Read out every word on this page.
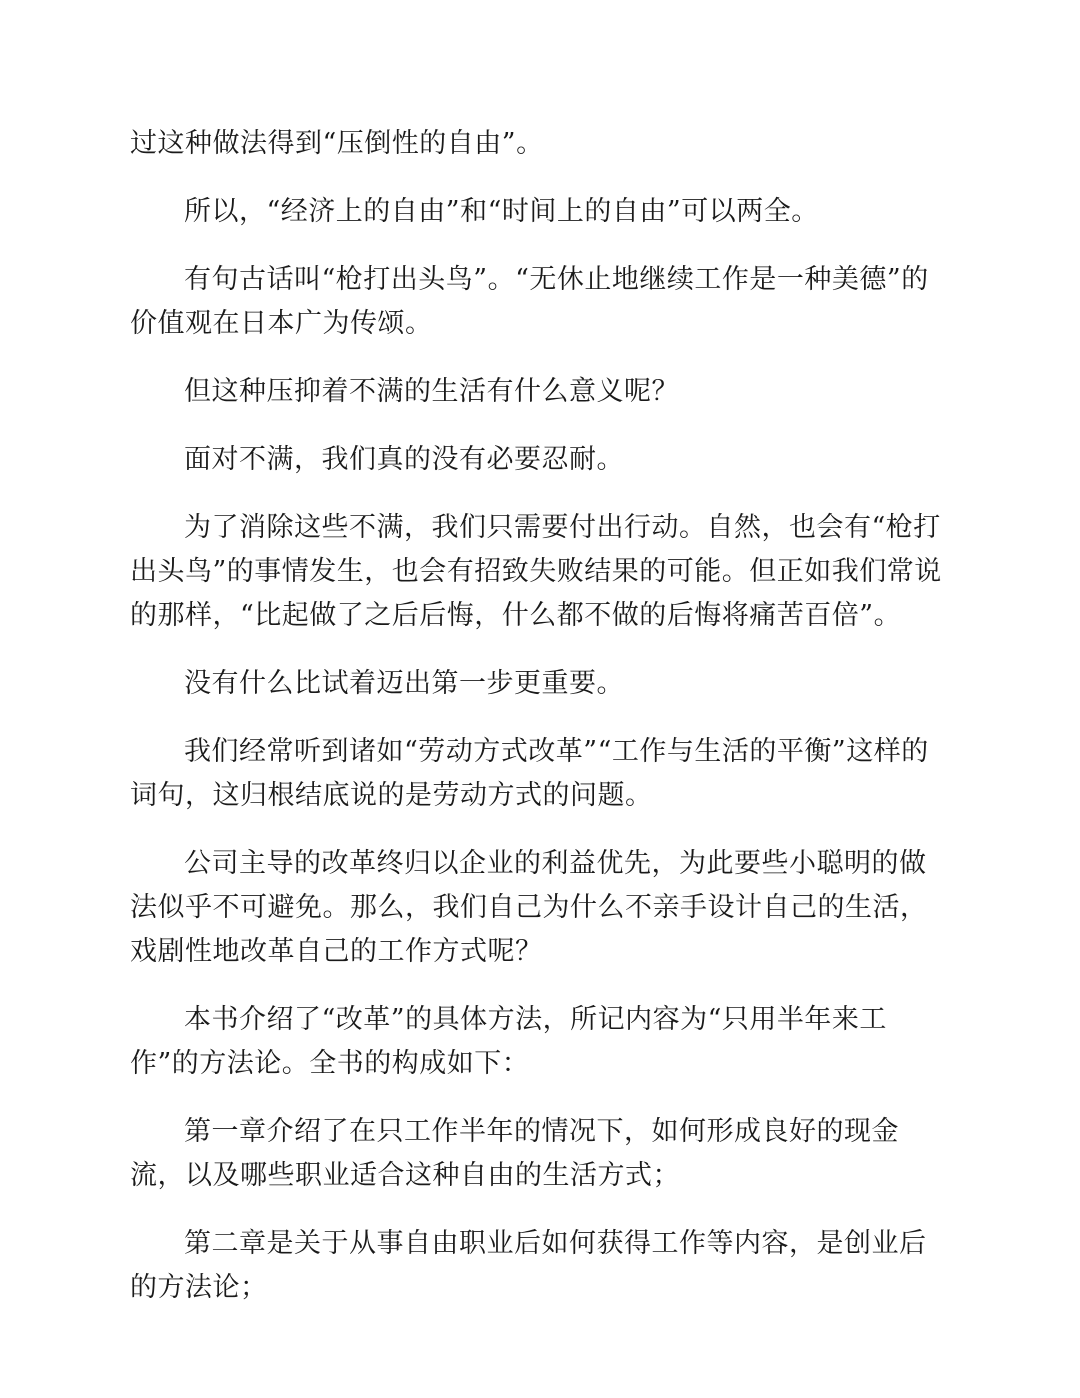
过这种做法得到“压倒性的自由”。

所以，“经济上的自由”和“时间上的自由”可以两全。

有句古话叫“枪打出头鸟”。“无休止地继续工作是一种美德”的价值观在日本广为传颂。

但这种压抑着不满的生活有什么意义呢？

面对不满，我们真的没有必要忍耐。

为了消除这些不满，我们只需要付出行动。自然，也会有“枪打出头鸟”的事情发生，也会有招致失败结果的可能。但正如我们常说的那样，“比起做了之后后悔，什么都不做的后悔将痛苦百倍”。

没有什么比试着迈出第一步更重要。

我们经常听到诸如“劳动方式改革”“工作与生活的平衡”这样的词句，这归根结底说的是劳动方式的问题。

公司主导的改革终归以企业的利益优先，为此要些小聪明的做法似乎不可避免。那么，我们自己为什么不亲手设计自己的生活，戏剧性地改革自己的工作方式呢？

本书介绍了“改革”的具体方法，所记内容为“只用半年来工作”的方法论。全书的构成如下：

第一章介绍了在只工作半年的情况下，如何形成良好的现金流，以及哪些职业适合这种自由的生活方式；

第二章是关于从事自由职业后如何获得工作等内容，是创业后的方法论；
